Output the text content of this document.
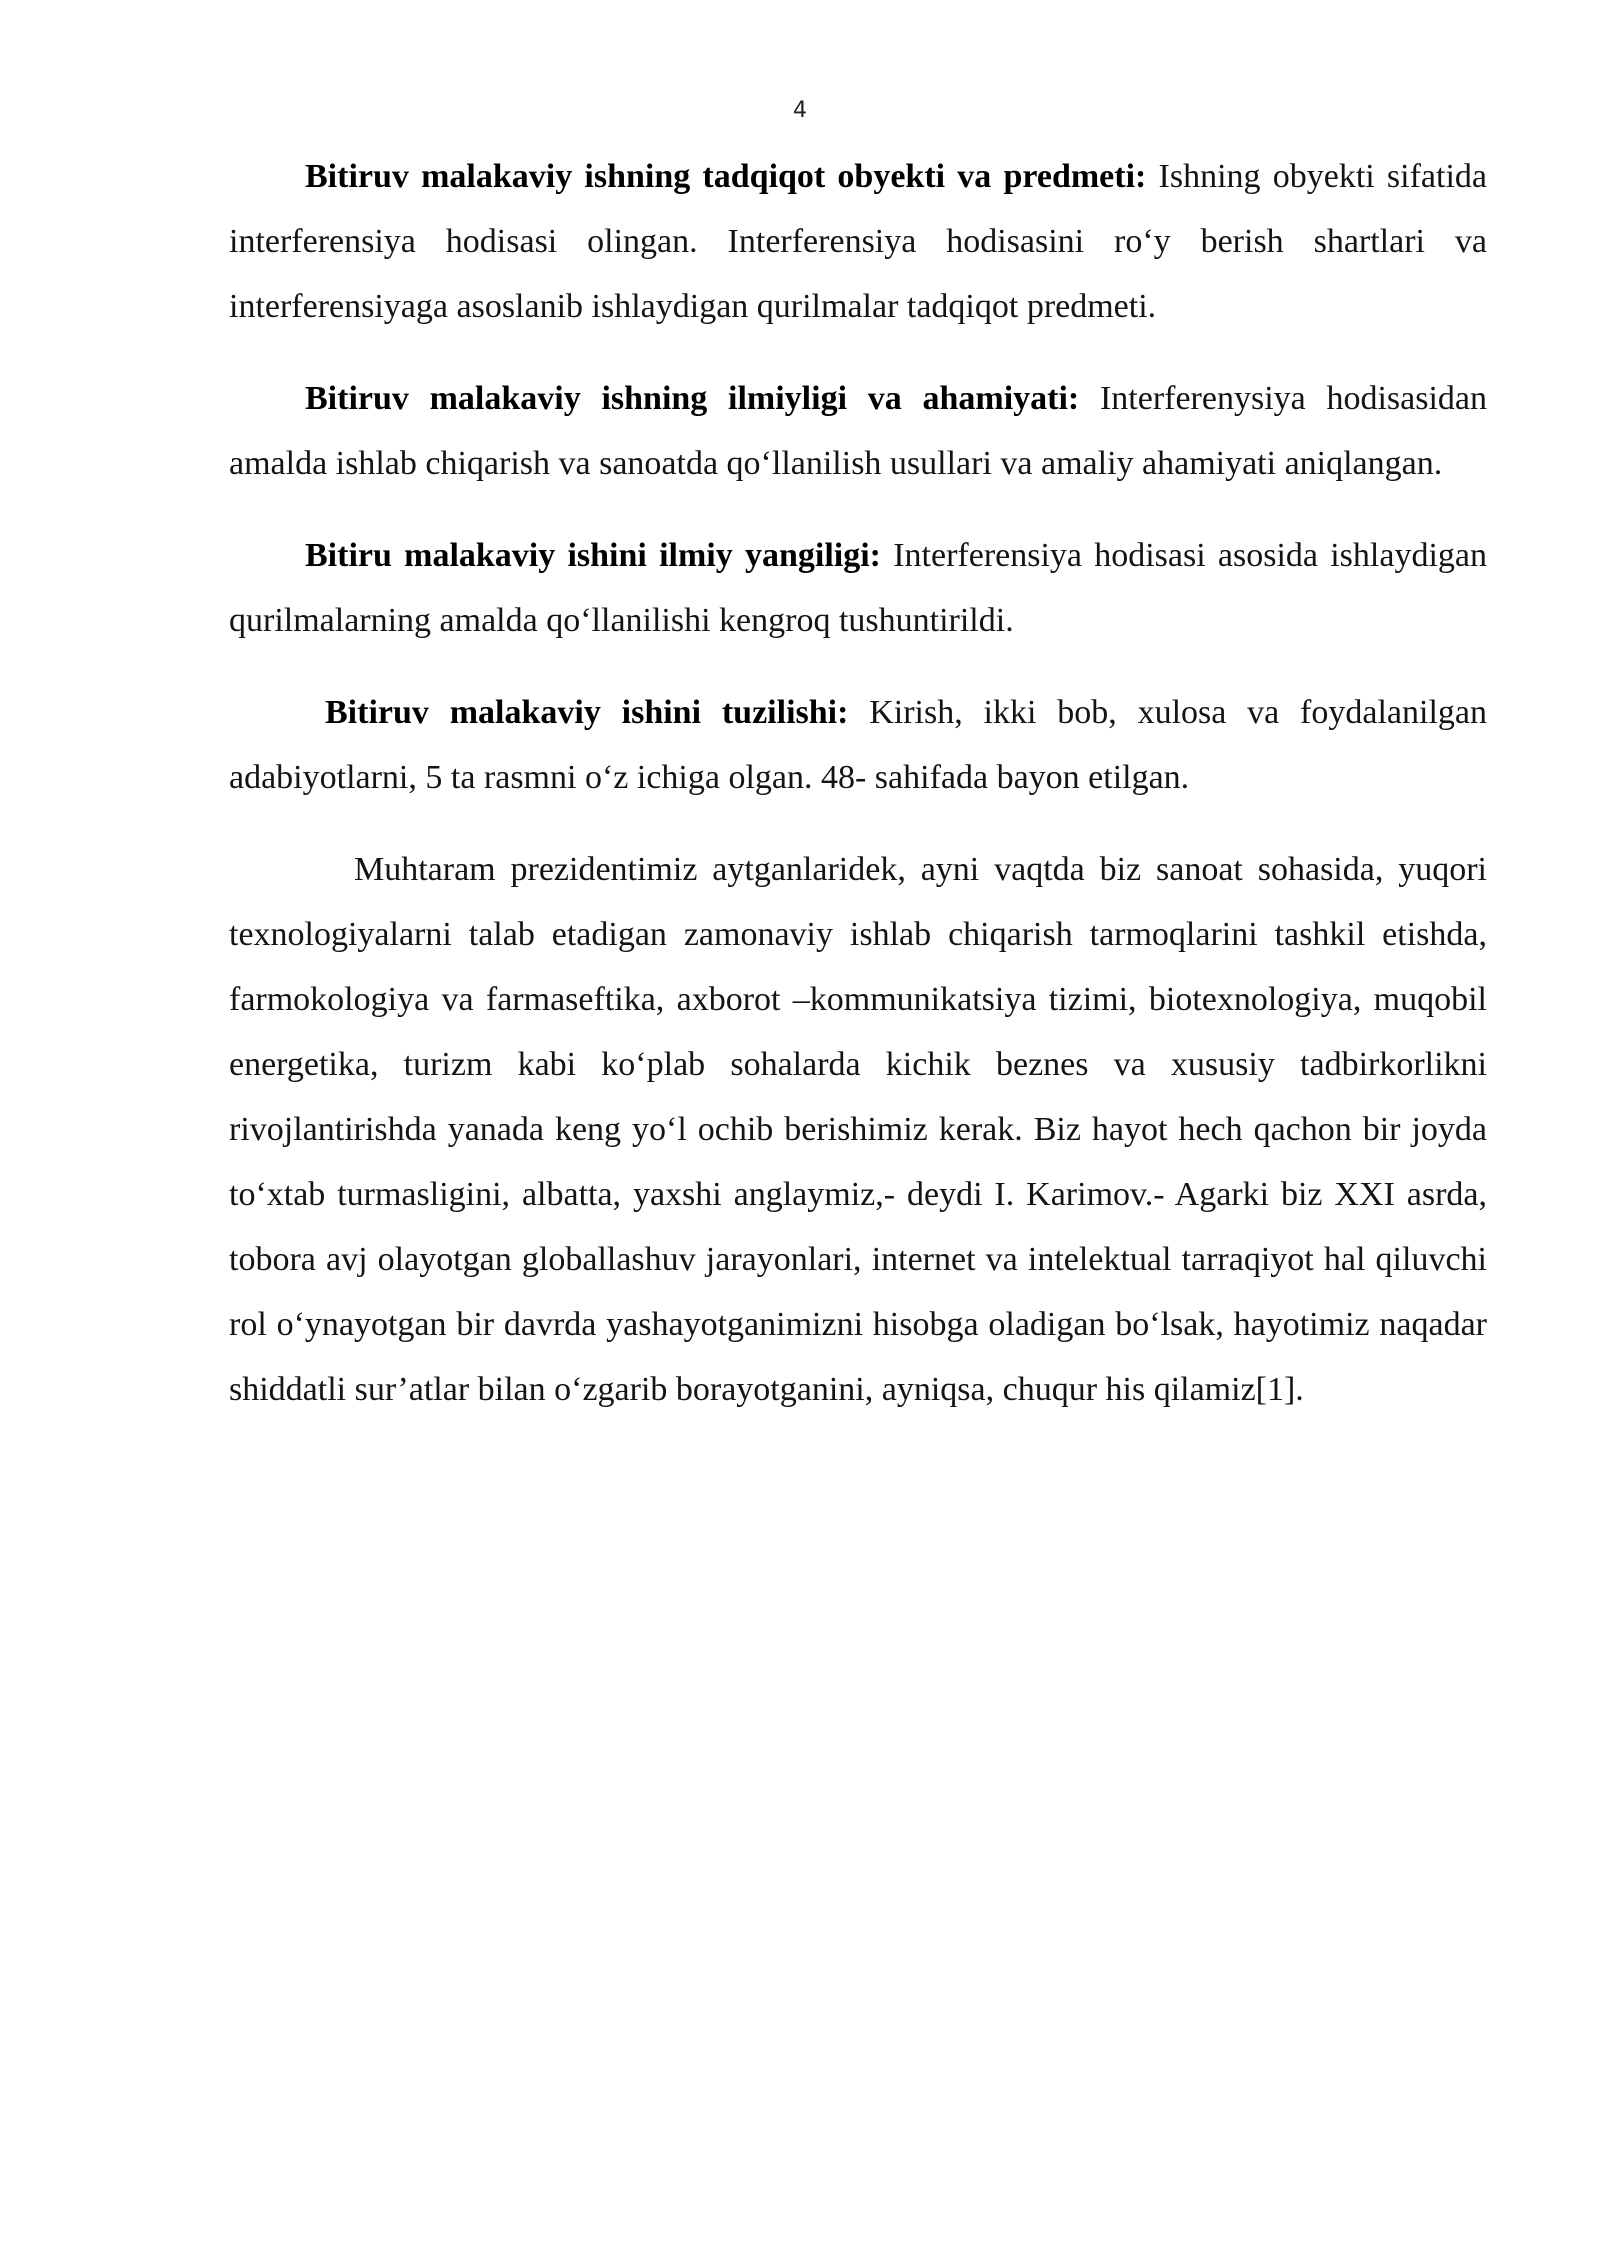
4

Bitiruv malakaviy ishning tadqiqot obyekti va predmeti: Ishning obyekti sifatida interferensiya hodisasi olingan. Interferensiya hodisasini ro‘y berish shartlari va interferensiyaga asoslanib ishlaydigan qurilmalar tadqiqot predmeti.

Bitiruv malakaviy ishning ilmiyligi va ahamiyati: Interferenysiya hodisasidan amalda ishlab chiqarish va sanoatda qo‘llanilish usullari va amaliy ahamiyati aniqlangan.

Bitiru malakaviy ishini ilmiy yangiligi: Interferensiya hodisasi asosida ishlaydigan qurilmalarning amalda qo‘llanilishi kengroq tushuntirildi.

Bitiruv malakaviy ishini tuzilishi: Kirish, ikki bob, xulosa va foydalanilgan adabiyotlarni, 5 ta rasmni o‘z ichiga olgan. 48- sahifada bayon etilgan.

Muhtaram prezidentimiz aytganlaridek, ayni vaqtda biz sanoat sohasida, yuqori texnologiyalarni talab etadigan zamonaviy ishlab chiqarish tarmoqlarini tashkil etishda, farmokologiya va farmaseftika, axborot –kommunikatsiya tizimi, biotexnologiya, muqobil energetika, turizm kabi ko‘plab sohalarda kichik beznes va xususiy tadbirkorlikni rivojlantirishda yanada keng yo‘l ochib berishimiz kerak. Biz hayot hech qachon bir joyda to‘xtab turmasligini, albatta, yaxshi anglaymiz,- deydi I. Karimov.- Agarki biz XXI asrda, tobora avj olayotgan globallashuv jarayonlari, internet va intelektual tarraqiyot hal qiluvchi rol o‘ynayotgan bir davrda yashayotganimizni hisobga oladigan bo‘lsak, hayotimiz naqadar shiddatli sur’atlar bilan o‘zgarib borayotganini, ayniqsa, chuqur his qilamiz[1].
